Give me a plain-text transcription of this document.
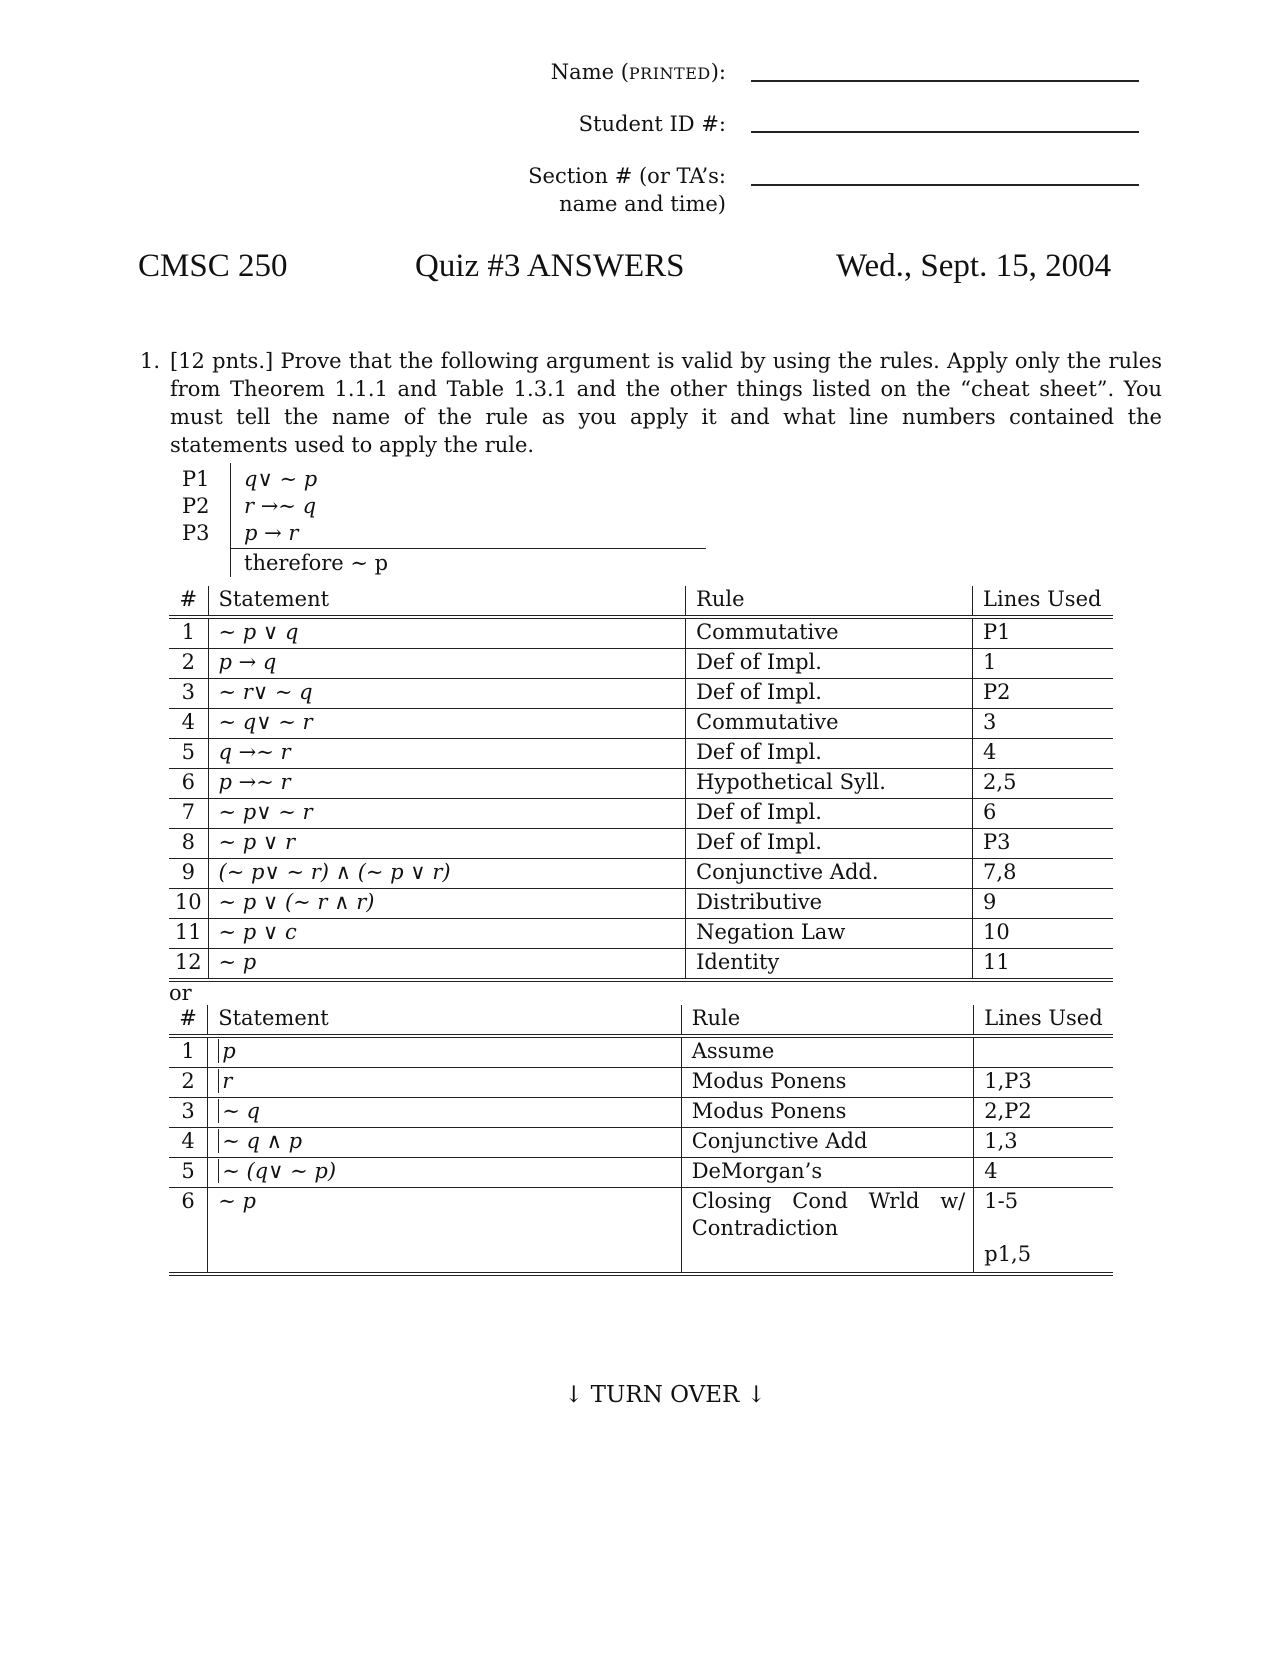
Name (PRINTED):
Student ID #:
Section # (or TA’s:
name and time)
CMSC 250	Quiz #3 ANSWERS	Wed., Sept. 15, 2004
1. [12 pnts.] Prove that the following argument is valid by using the rules. Apply only the rules from Theorem 1.1.1 and Table 1.3.1 and the other things listed on the “cheat sheet”. You must tell the name of the rule as you apply it and what line numbers contained the statements used to apply the rule.
P1	q∨ ∼ p
P2	r →∼ q
P3	p → r
therefore ∼ p
#	Statement	Rule	Lines Used
1	∼ p ∨ q	Commutative	P1
2	p → q	Def of Impl.	1
3	∼ r∨ ∼ q	Def of Impl.	P2
4	∼ q∨ ∼ r	Commutative	3
5	q →∼ r	Def of Impl.	4
6	p →∼ r	Hypothetical Syll.	2,5
7	∼ p∨ ∼ r	Def of Impl.	6
8	∼ p ∨ r	Def of Impl.	P3
9	(∼ p∨ ∼ r) ∧ (∼ p ∨ r)	Conjunctive Add.	7,8
10	∼ p ∨ (∼ r ∧ r)	Distributive	9
11	∼ p ∨ c	Negation Law	10
12	∼ p	Identity	11
or
#	Statement	Rule	Lines Used
1	p	Assume	
2	r	Modus Ponens	1,P3
3	∼ q	Modus Ponens	2,P2
4	∼ q ∧ p	Conjunctive Add	1,3
5	∼ (q∨ ∼ p)	DeMorgan’s	4
6	∼ p	Closing Cond Wrld w/ Contradiction	1-5
p1,5
↓ TURN OVER ↓
